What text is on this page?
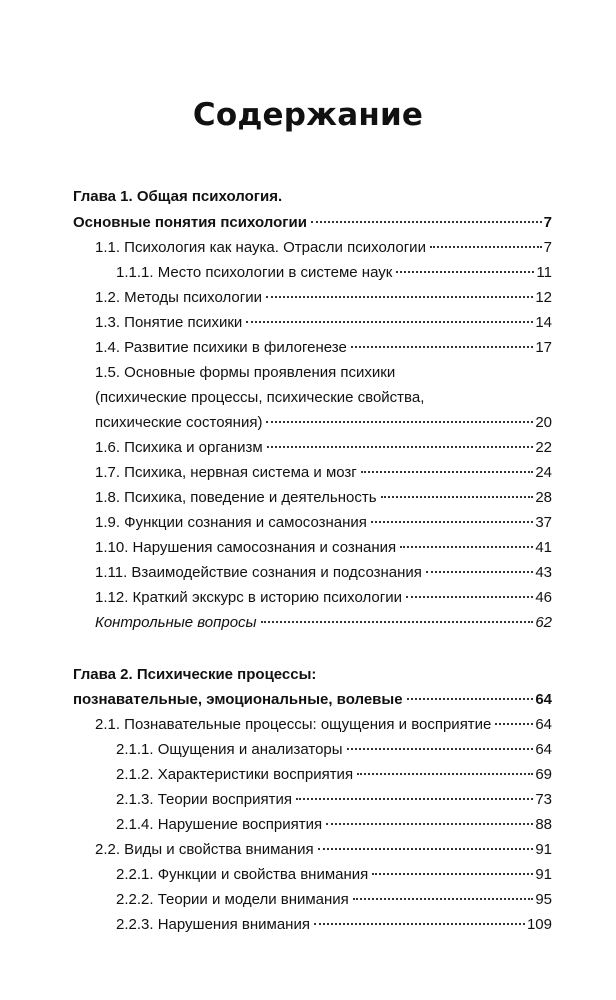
Содержание
Глава 1. Общая психология.
Основные понятия психологии	7
1.1. Психология как наука. Отрасли психологии	7
1.1.1. Место психологии в системе наук	11
1.2. Методы психологии	12
1.3. Понятие психики	14
1.4. Развитие психики в филогенезе	17
1.5. Основные формы проявления психики
(психические процессы, психические свойства,
психические состояния)	20
1.6. Психика и организм	22
1.7. Психика, нервная система и мозг	24
1.8. Психика, поведение и деятельность	28
1.9. Функции сознания и самосознания	37
1.10. Нарушения самосознания и сознания	41
1.11. Взаимодействие сознания и подсознания	43
1.12. Краткий экскурс в историю психологии	46
Контрольные вопросы	62
Глава 2. Психические процессы:
познавательные, эмоциональные, волевые	64
2.1. Познавательные процессы: ощущения и восприятие	64
2.1.1. Ощущения и анализаторы	64
2.1.2. Характеристики восприятия	69
2.1.3. Теории восприятия	73
2.1.4. Нарушение восприятия	88
2.2. Виды и свойства внимания	91
2.2.1. Функции и свойства внимания	91
2.2.2. Теории и модели внимания	95
2.2.3. Нарушения внимания	109
